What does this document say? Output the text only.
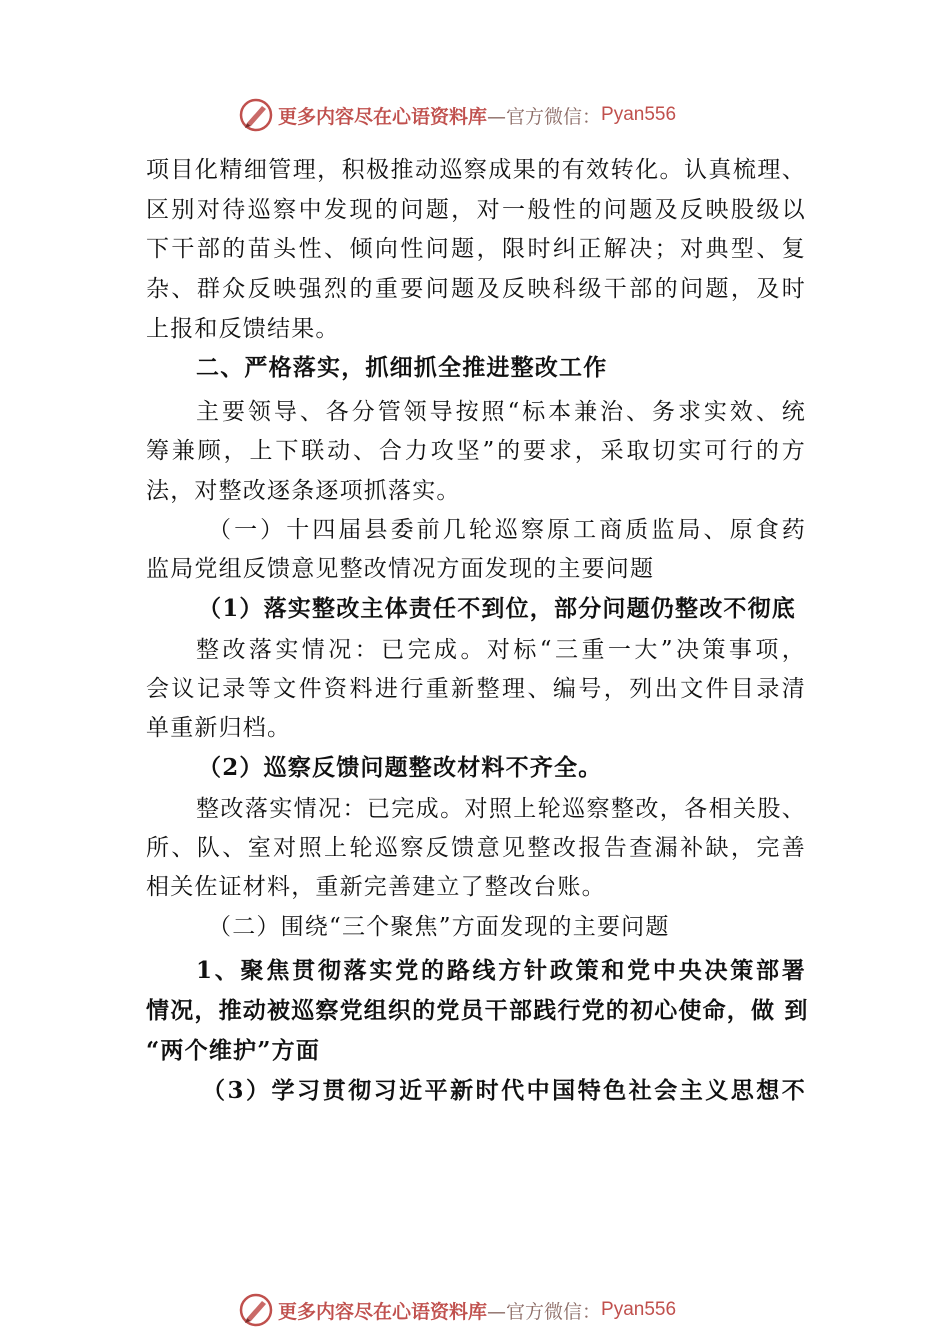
更多内容尽在心语资料库 —官方微信： Pyan556
项目化精细管理，积极推动巡察成果的有效转化。认真梳理、
区别对待巡察中发现的问题，对一般性的问题及反映股级以
下干部的苗头性、倾向性问题，限时纠正解决；对典型、复
杂、群众反映强烈的重要问题及反映科级干部的问题，及时
上报和反馈结果。
二、严格落实，抓细抓全推进整改工作
主要领导、各分管领导按照“标本兼治、务求实效、统
筹兼顾，上下联动、合力攻坚”的要求，采取切实可行的方
法，对整改逐条逐项抓落实。
（一）十四届县委前几轮巡察原工商质监局、原食药
监局党组反馈意见整改情况方面发现的主要问题
（1）落实整改主体责任不到位，部分问题仍整改不彻底
整改落实情况：已完成。对标“三重一大”决策事项，
会议记录等文件资料进行重新整理、编号，列出文件目录清
单重新归档。
（2）巡察反馈问题整改材料不齐全。
整改落实情况：已完成。对照上轮巡察整改，各相关股、
所、队、室对照上轮巡察反馈意见整改报告查漏补缺，完善
相关佐证材料，重新完善建立了整改台账。
（二）围绕“三个聚焦”方面发现的主要问题
1、聚焦贯彻落实党的路线方针政策和党中央决策部署
情况，推动被巡察党组织的党员干部践行党的初心使命，做 到
“两个维护”方面
（3）学习贯彻习近平新时代中国特色社会主义思想不
更多内容尽在心语资料库 —官方微信： Pyan556
